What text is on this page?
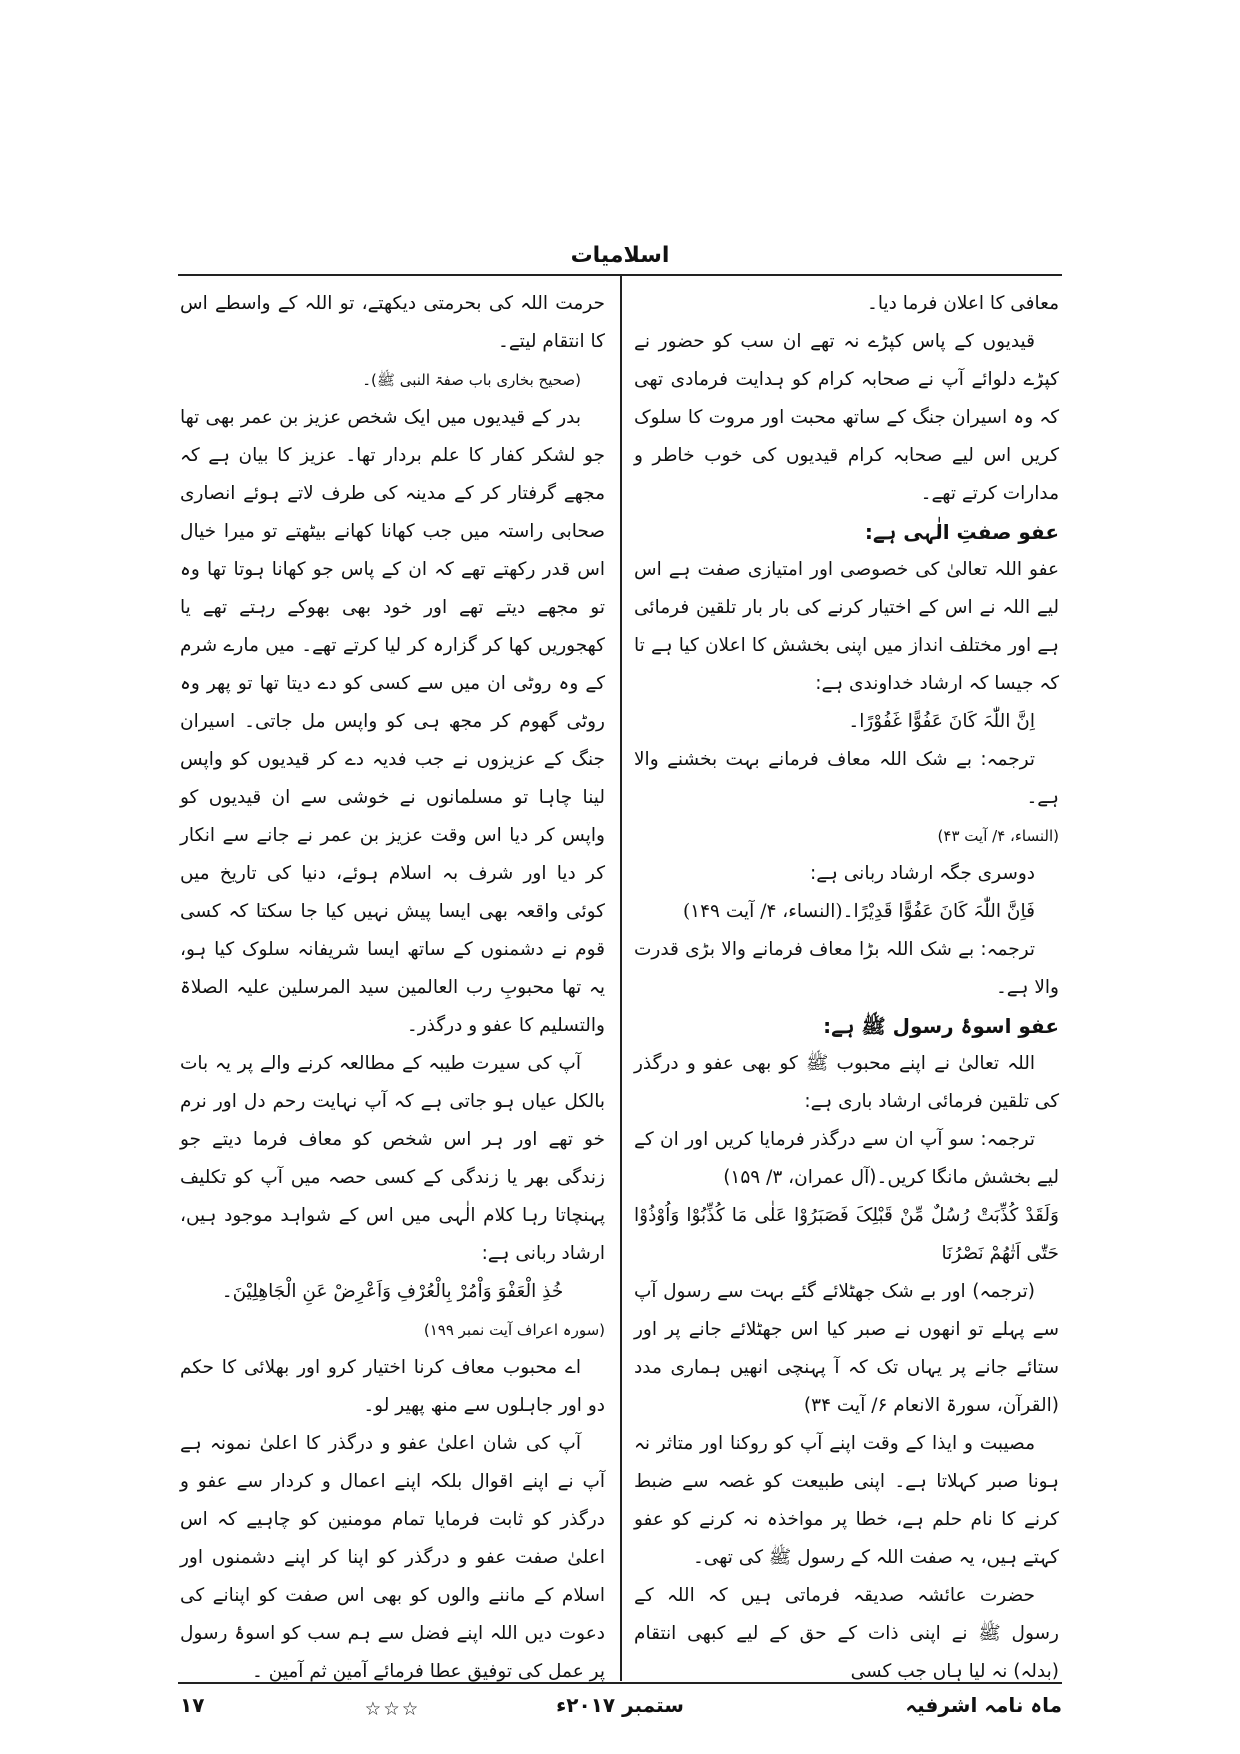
اسلامیات

معافی کا اعلان فرما دیا۔

قیدیوں کے پاس کپڑے نہ تھے ان سب کو حضور نے کپڑے دلوائے آپ نے صحابہ کرام کو ہدایت فرمادی تھی کہ وہ اسیران جنگ کے ساتھ محبت اور مروت کا سلوک کریں اس لیے صحابہ کرام قیدیوں کی خوب خاطر و مدارات کرتے تھے۔

عفو صفتِ الٰہی ہے:

عفو اللہ تعالیٰ کی خصوصی اور امتیازی صفت ہے اس لیے اللہ نے اس کے اختیار کرنے کی بار بار تلقین فرمائی ہے اور مختلف انداز میں اپنی بخشش کا اعلان کیا ہے تا کہ جیسا کہ ارشاد خداوندی ہے:

اِنَّ اللّٰہَ کَانَ عَفُوًّا غَفُوْرًا۔

ترجمہ: بے شک اللہ معاف فرمانے بہت بخشنے والا ہے۔

(النساء، ۴/ آیت ۴۳)

دوسری جگہ ارشاد ربانی ہے:

فَاِنَّ اللّٰہَ کَانَ عَفُوًّا قَدِیْرًا۔(النساء، ۴/ آیت ۱۴۹)

ترجمہ: بے شک اللہ بڑا معاف فرمانے والا بڑی قدرت والا ہے۔

عفو اسوۂ رسول ﷺ ہے:

اللہ تعالیٰ نے اپنے محبوب ﷺ کو بھی عفو و درگذر کی تلقین فرمائی ارشاد باری ہے:

ترجمہ: سو آپ ان سے درگذر فرمایا کریں اور ان کے لیے بخشش مانگا کریں۔(آل عمران، ۳/ ۱۵۹)

وَلَقَدْ کُذِّبَتْ رُسُلٌ مِّنْ قَبْلِکَ فَصَبَرُوْا عَلٰی مَا کُذِّبُوْا وَاُوْذُوْا حَتّٰی اَتٰھُمْ نَصْرُنَا

(ترجمہ) اور بے شک جھٹلائے گئے بہت سے رسول آپ سے پہلے تو انھوں نے صبر کیا اس جھٹلائے جانے پر اور ستائے جانے پر یہاں تک کہ آ پہنچی انھیں ہماری مدد (القرآن، سورۃ الانعام ۶/ آیت ۳۴)

مصیبت و ایذا کے وقت اپنے آپ کو روکنا اور متاثر نہ ہونا صبر کہلاتا ہے۔ اپنی طبیعت کو غصہ سے ضبط کرنے کا نام حلم ہے، خطا پر مواخذہ نہ کرنے کو عفو کہتے ہیں، یہ صفت اللہ کے رسول ﷺ کی تھی۔

حضرت عائشہ صدیقہ فرماتی ہیں کہ اللہ کے رسول ﷺ نے اپنی ذات کے حق کے لیے کبھی انتقام (بدلہ) نہ لیا ہاں جب کسی

حرمت اللہ کی بحرمتی دیکھتے، تو اللہ کے واسطے اس کا انتقام لیتے۔

(صحیح بخاری باب صفۃ النبی ﷺ)۔

بدر کے قیدیوں میں ایک شخص عزیز بن عمر بھی تھا جو لشکر کفار کا علم بردار تھا۔ عزیز کا بیان ہے کہ مجھے گرفتار کر کے مدینہ کی طرف لاتے ہوئے انصاری صحابی راستہ میں جب کھانا کھانے بیٹھتے تو میرا خیال اس قدر رکھتے تھے کہ ان کے پاس جو کھانا ہوتا تھا وہ تو مجھے دیتے تھے اور خود بھی بھوکے رہتے تھے یا کھجوریں کھا کر گزارہ کر لیا کرتے تھے۔ میں مارے شرم کے وہ روٹی ان میں سے کسی کو دے دیتا تھا تو پھر وہ روٹی گھوم کر مجھ ہی کو واپس مل جاتی۔ اسیران جنگ کے عزیزوں نے جب فدیہ دے کر قیدیوں کو واپس لینا چاہا تو مسلمانوں نے خوشی سے ان قیدیوں کو واپس کر دیا اس وقت عزیز بن عمر نے جانے سے انکار کر دیا اور شرف بہ اسلام ہوئے، دنیا کی تاریخ میں کوئی واقعہ بھی ایسا پیش نہیں کیا جا سکتا کہ کسی قوم نے دشمنوں کے ساتھ ایسا شریفانہ سلوک کیا ہو، یہ تھا محبوبِ رب العالمین سید المرسلین علیہ الصلاۃ والتسلیم کا عفو و درگذر۔

آپ کی سیرت طیبہ کے مطالعہ کرنے والے پر یہ بات بالکل عیاں ہو جاتی ہے کہ آپ نہایت رحم دل اور نرم خو تھے اور ہر اس شخص کو معاف فرما دیتے جو زندگی بھر یا زندگی کے کسی حصہ میں آپ کو تکلیف پہنچاتا رہا کلام الٰہی میں اس کے شواہد موجود ہیں، ارشاد ربانی ہے:

خُذِ الْعَفْوَ وَاْمُرْ بِالْعُرْفِ وَاَعْرِضْ عَنِ الْجَاھِلِیْنَ۔

(سورہ اعراف آیت نمبر ۱۹۹)

اے محبوب معاف کرنا اختیار کرو اور بھلائی کا حکم دو اور جاہلوں سے منھ پھیر لو۔

آپ کی شان اعلیٰ عفو و درگذر کا اعلیٰ نمونہ ہے آپ نے اپنے اقوال بلکہ اپنے اعمال و کردار سے عفو و درگذر کو ثابت فرمایا تمام مومنین کو چاہیے کہ اس اعلیٰ صفت عفو و درگذر کو اپنا کر اپنے دشمنوں اور اسلام کے ماننے والوں کو بھی اس صفت کو اپنانے کی دعوت دیں اللہ اپنے فضل سے ہم سب کو اسوۂ رسول پر عمل کی توفیق عطا فرمائے آمین ثم آمین ۔

☆☆☆	ماہ نامہ اشرفیہ
ستمبر ۲۰۱۷ء
۱۷
